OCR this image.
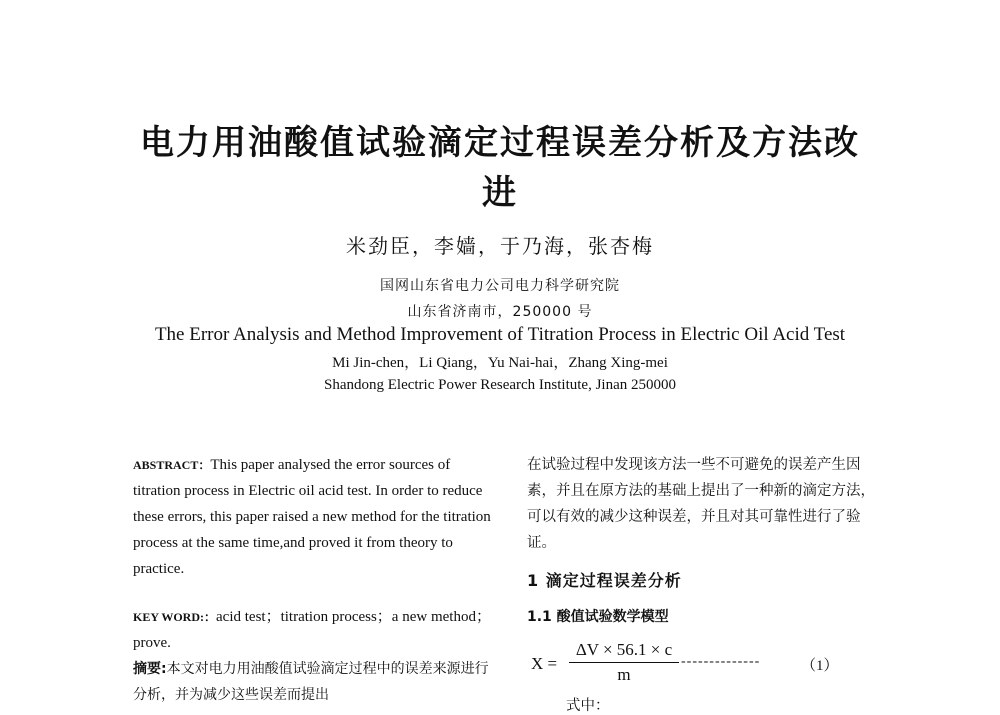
电力用油酸值试验滴定过程误差分析及方法改进
米劲臣，李嫱，于乃海，张杏梅
国网山东省电力公司电力科学研究院
山东省济南市，250000 号
The Error Analysis and Method Improvement of Titration Process in Electric Oil Acid Test
Mi Jin-chen，Li Qiang，Yu Nai-hai，Zhang Xing-mei
Shandong Electric Power Research Institute, Jinan 250000

ABSTRACT：This paper analysed the error sources of titration process in Electric oil acid test. In order to reduce these errors, this paper raised a new method for the titration process at the same time,and proved it from theory to practice.

KEY WORD:：acid test；titration process；a new method；prove.

摘要:本文对电力用油酸值试验滴定过程中的误差来源进行分析，并为减少这些误差而提出

在试验过程中发现该方法一些不可避免的误差产生因素，并且在原方法的基础上提出了一种新的滴定方法，可以有效的减少这种误差，并且对其可靠性进行了验证。

1 滴定过程误差分析

1.1 酸值试验数学模型

$X = \frac{\Delta V \times 56.1 \times c}{m}$ --------------	（1）
式中：
